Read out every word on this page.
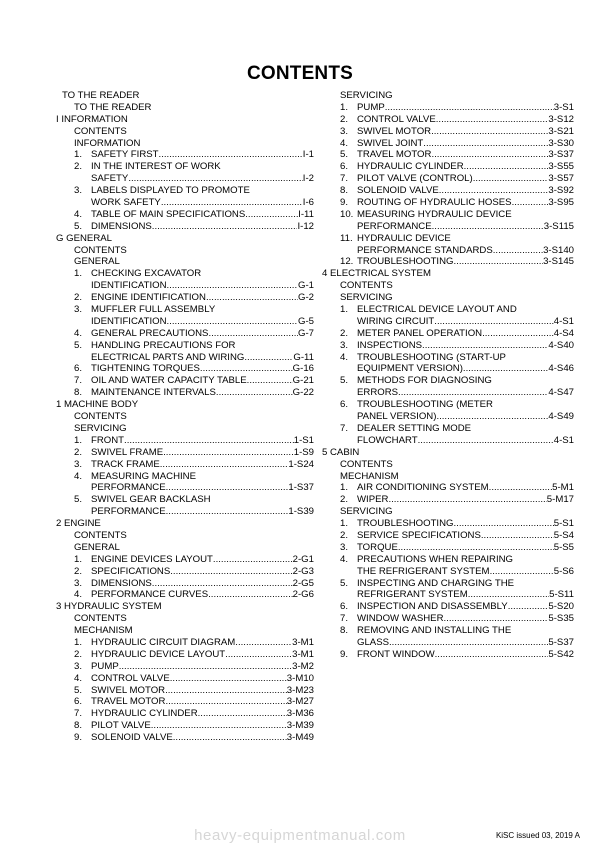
CONTENTS
TO THE READER
TO THE READER
I INFORMATION
CONTENTS
INFORMATION
1. SAFETY FIRST .....	I-1
2. IN THE INTEREST OF WORK
SAFETY .....	I-2
3. LABELS DISPLAYED TO PROMOTE
WORK SAFETY .....	I-6
4. TABLE OF MAIN SPECIFICATIONS .....	I-11
5. DIMENSIONS .....	I-12
G GENERAL
CONTENTS
GENERAL
1. CHECKING EXCAVATOR
IDENTIFICATION .....	G-1
2. ENGINE IDENTIFICATION .....	G-2
3. MUFFLER FULL ASSEMBLY
IDENTIFICATION .....	G-5
4. GENERAL PRECAUTIONS .....	G-7
5. HANDLING PRECAUTIONS FOR
ELECTRICAL PARTS AND WIRING .....	G-11
6. TIGHTENING TORQUES .....	G-16
7. OIL AND WATER CAPACITY TABLE .....	G-21
8. MAINTENANCE INTERVALS .....	G-22
1 MACHINE BODY
CONTENTS
SERVICING
1. FRONT .....	1-S1
2. SWIVEL FRAME .....	1-S9
3. TRACK FRAME .....	1-S24
4. MEASURING MACHINE
PERFORMANCE .....	1-S37
5. SWIVEL GEAR BACKLASH
PERFORMANCE .....	1-S39
2 ENGINE
CONTENTS
GENERAL
1. ENGINE DEVICES LAYOUT .....	2-G1
2. SPECIFICATIONS .....	2-G3
3. DIMENSIONS .....	2-G5
4. PERFORMANCE CURVES .....	2-G6
3 HYDRAULIC SYSTEM
CONTENTS
MECHANISM
1. HYDRAULIC CIRCUIT DIAGRAM .....	3-M1
2. HYDRAULIC DEVICE LAYOUT .....	3-M1
3. PUMP .....	3-M2
4. CONTROL VALVE .....	3-M10
5. SWIVEL MOTOR .....	3-M23
6. TRAVEL MOTOR .....	3-M27
7. HYDRAULIC CYLINDER .....	3-M36
8. PILOT VALVE .....	3-M39
9. SOLENOID VALVE .....	3-M49
SERVICING
1. PUMP .....	3-S1
2. CONTROL VALVE .....	3-S12
3. SWIVEL MOTOR .....	3-S21
4. SWIVEL JOINT .....	3-S30
5. TRAVEL MOTOR .....	3-S37
6. HYDRAULIC CYLINDER .....	3-S55
7. PILOT VALVE (CONTROL) .....	3-S57
8. SOLENOID VALVE .....	3-S92
9. ROUTING OF HYDRAULIC HOSES .....	3-S95
10. MEASURING HYDRAULIC DEVICE
PERFORMANCE .....	3-S115
11. HYDRAULIC DEVICE
PERFORMANCE STANDARDS .....	3-S140
12. TROUBLESHOOTING .....	3-S145
4 ELECTRICAL SYSTEM
CONTENTS
SERVICING
1. ELECTRICAL DEVICE LAYOUT AND
WIRING CIRCUIT .....	4-S1
2. METER PANEL OPERATION .....	4-S4
3. INSPECTIONS .....	4-S40
4. TROUBLESHOOTING (START-UP
EQUIPMENT VERSION) .....	4-S46
5. METHODS FOR DIAGNOSING
ERRORS .....	4-S47
6. TROUBLESHOOTING (METER
PANEL VERSION) .....	4-S49
7. DEALER SETTING MODE
FLOWCHART .....	4-S1
5 CABIN
CONTENTS
MECHANISM
1. AIR CONDITIONING SYSTEM .....	5-M1
2. WIPER .....	5-M17
SERVICING
1. TROUBLESHOOTING .....	5-S1
2. SERVICE SPECIFICATIONS .....	5-S4
3. TORQUE .....	5-S5
4. PRECAUTIONS WHEN REPAIRING
THE REFRIGERANT SYSTEM .....	5-S6
5. INSPECTING AND CHARGING THE
REFRIGERANT SYSTEM .....	5-S11
6. INSPECTION AND DISASSEMBLY .....	5-S20
7. WINDOW WASHER .....	5-S35
8. REMOVING AND INSTALLING THE
GLASS .....	5-S37
9. FRONT WINDOW .....	5-S42
heavy-equipmentmanual.com	KiSC issued 03, 2019 A
